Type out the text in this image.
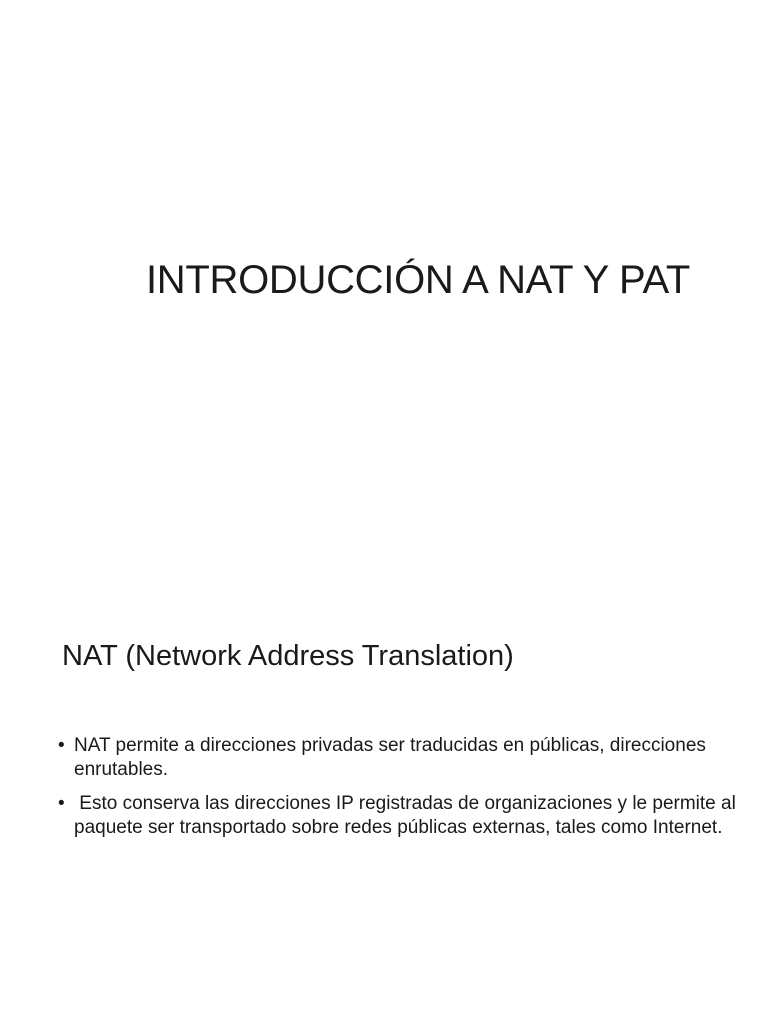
INTRODUCCIÓN A NAT Y PAT
NAT (Network Address Translation)
• NAT permite a direcciones privadas ser traducidas en públicas, direcciones enrutables.
• Esto conserva las direcciones IP registradas de organizaciones y le permite al paquete ser transportado sobre redes públicas externas, tales como Internet.
